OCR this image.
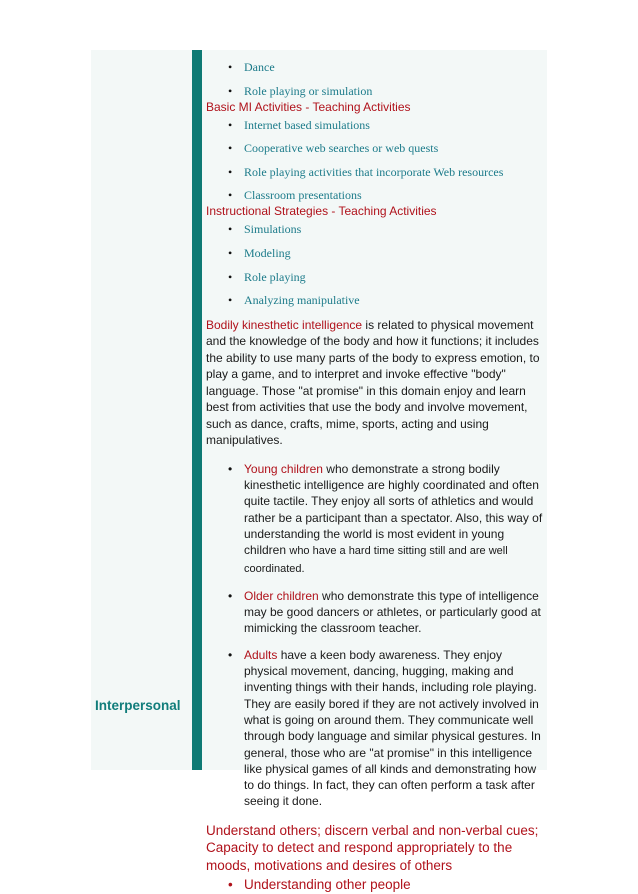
Interpersonal
• Dance
• Role playing or simulation
Basic MI Activities - Teaching Activities
• Internet based simulations
• Cooperative web searches or web quests
• Role playing activities that incorporate Web resources
• Classroom presentations
Instructional Strategies - Teaching Activities
• Simulations
• Modeling
• Role playing
• Analyzing manipulative

Bodily kinesthetic intelligence is related to physical movement and the knowledge of the body and how it functions; it includes the ability to use many parts of the body to express emotion, to play a game, and to interpret and invoke effective "body" language. Those "at promise" in this domain enjoy and learn best from activities that use the body and involve movement, such as dance, crafts, mime, sports, acting and using manipulatives.

• Young children who demonstrate a strong bodily kinesthetic intelligence are highly coordinated and often quite tactile. They enjoy all sorts of athletics and would rather be a participant than a spectator. Also, this way of understanding the world is most evident in young children who have a hard time sitting still and are well coordinated.

• Older children who demonstrate this type of intelligence may be good dancers or athletes, or particularly good at mimicking the classroom teacher.

• Adults have a keen body awareness. They enjoy physical movement, dancing, hugging, making and inventing things with their hands, including role playing. They are easily bored if they are not actively involved in what is going on around them. They communicate well through body language and similar physical gestures. In general, those who are "at promise" in this intelligence like physical games of all kinds and demonstrating how to do things. In fact, they can often perform a task after seeing it done.

Understand others; discern verbal and non-verbal cues; Capacity to detect and respond appropriately to the moods, motivations and desires of others

• Understanding other people
